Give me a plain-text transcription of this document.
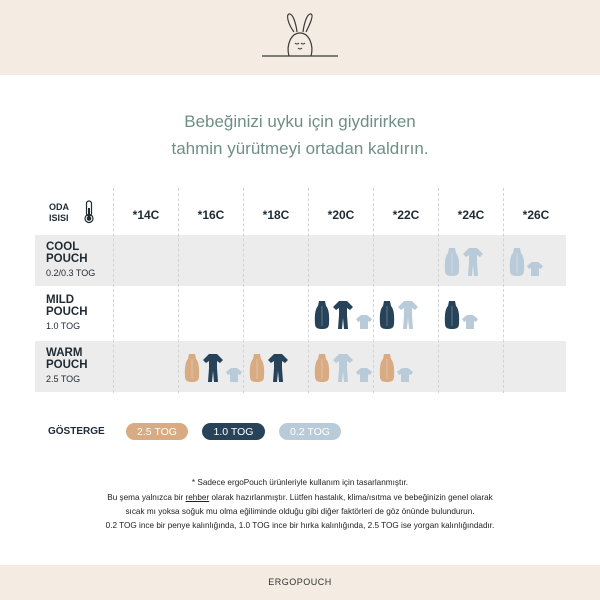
Bebeğinizi uyku için giydirirken
tahmin yürütmeyi ortadan kaldırın.
ODA
ISISI	*14C	*16C	*18C	*20C	*22C	*24C	*26C
COOL
POUCH
0.2/0.3 TOG
MILD
POUCH
1.0 TOG
WARM
POUCH
2.5 TOG
GÖSTERGE	2.5 TOG	1.0 TOG	0.2 TOG
* Sadece ergoPouch ürünleriyle kullanım için tasarlanmıştır.
Bu şema yalnızca bir rehber olarak hazırlanmıştır. Lütfen hastalık, klima/ısıtma ve bebeğinizin genel olarak
sıcak mı yoksa soğuk mu olma eğiliminde olduğu gibi diğer faktörleri de göz önünde bulundurun.
0.2 TOG ince bir penye kalınlığında, 1.0 TOG ince bir hırka kalınlığında, 2.5 TOG ise yorgan kalınlığındadır.
ERGOPOUCH
